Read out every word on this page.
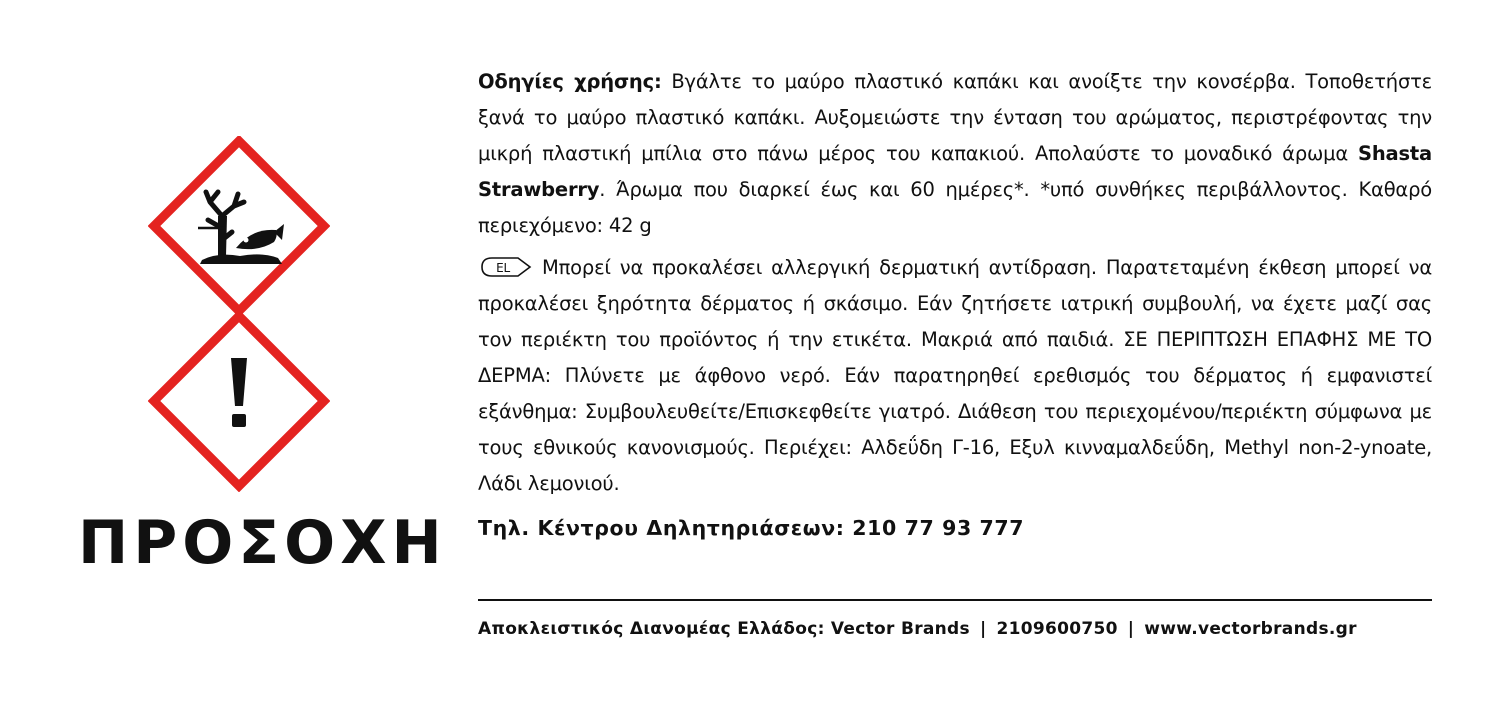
ΠΡΟΣΟΧΗ

Οδηγίες χρήσης: Βγάλτε το μαύρο πλαστικό καπάκι και ανοίξτε την κονσέρβα. Τοποθετήστε ξανά το μαύρο πλαστικό καπάκι. Αυξομειώστε την ένταση του αρώματος, περιστρέφοντας την μικρή πλαστική μπίλια στο πάνω μέρος του καπακιού. Απολαύστε το μοναδικό άρωμα Shasta Strawberry. Άρωμα που διαρκεί έως και 60 ημέρες*. *υπό συνθήκες περιβάλλοντος. Καθαρό περιεχόμενο: 42 g

EL Μπορεί να προκαλέσει αλλεργική δερματική αντίδραση. Παρατεταμένη έκθεση μπορεί να προκαλέσει ξηρότητα δέρματος ή σκάσιμο. Εάν ζητήσετε ιατρική συμβουλή, να έχετε μαζί σας τον περιέκτη του προϊόντος ή την ετικέτα. Μακριά από παιδιά. ΣΕ ΠΕΡΙΠΤΩΣΗ ΕΠΑΦΗΣ ΜΕ ΤΟ ΔΕΡΜΑ: Πλύνετε με άφθονο νερό. Εάν παρατηρηθεί ερεθισμός του δέρματος ή εμφανιστεί εξάνθημα: Συμβουλευθείτε/Επισκεφθείτε γιατρό. Διάθεση του περιεχομένου/περιέκτη σύμφωνα με τους εθνικούς κανονισμούς. Περιέχει: Αλδεΰδη Γ-16, Εξυλ κινναμαλδεΰδη, Methyl non-2-ynoate, Λάδι λεμονιού.

Τηλ. Κέντρου Δηλητηριάσεων: 210 77 93 777
Αποκλειστικός Διανομέας Ελλάδος: Vector Brands | 2109600750 | www.vectorbrands.gr
